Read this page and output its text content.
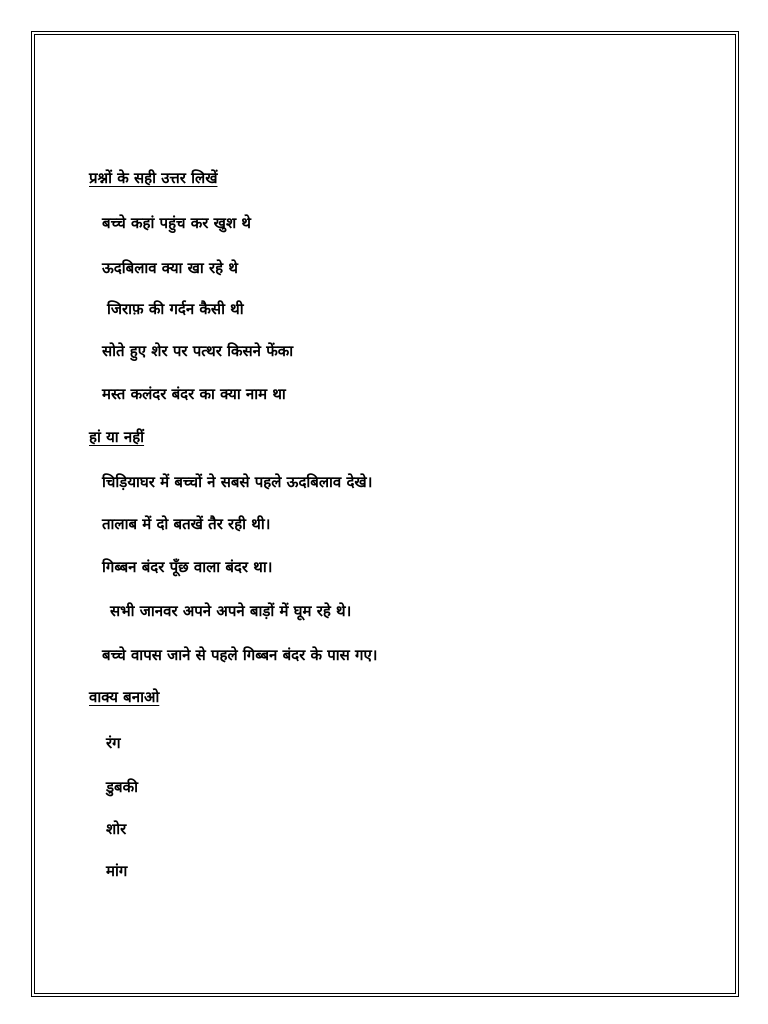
प्रश्नों के सही उत्तर लिखें
बच्चे कहां पहुंच कर खुश थे
ऊदबिलाव क्या खा रहे थे
जिराफ़ की गर्दन कैसी थी
सोते हुए शेर पर पत्थर किसने फेंका
मस्त कलंदर बंदर का क्या नाम था
हां या नहीं
चिड़ियाघर में बच्चों ने सबसे पहले ऊदबिलाव देखे।
तालाब में दो बतखें तैर रही थी।
गिब्बन बंदर पूँछ वाला बंदर था।
सभी जानवर अपने अपने बाड़ों में घूम रहे थे।
बच्चे वापस जाने से पहले गिब्बन बंदर के पास गए।
वाक्य बनाओ
रंग
डुबकी
शोर
मांग
